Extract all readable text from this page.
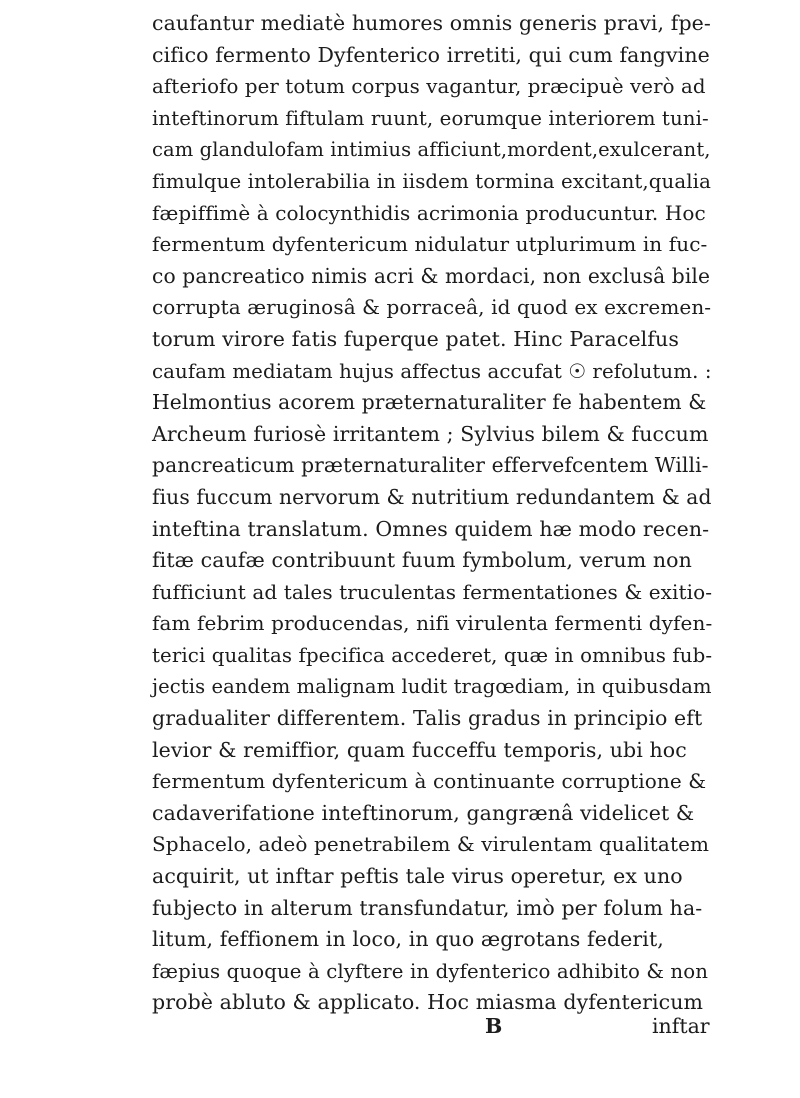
caufantur mediatè humores omnis generis pravi, fpe-
cifico fermento Dyfenterico irretiti, qui cum fangvine
afteriofo per totum corpus vagantur, præcipuè verò ad
inteftinorum fiftulam ruunt, eorumque interiorem tuni-
cam glandulofam intimius afficiunt,mordent,exulcerant,
fimulque intolerabilia in iisdem tormina excitant,qualia
fæpiffimè à colocynthidis acrimonia producuntur. Hoc
fermentum dyfentericum nidulatur utplurimum in fuc-
co pancreatico nimis acri & mordaci, non exclusâ bile
corrupta æruginosâ & porraceâ, id quod ex excremen-
torum virore fatis fuperque patet. Hinc Paracelfus
caufam mediatam hujus affectus accufat ☉ refolutum. :
Helmontius acorem præternaturaliter fe habentem &
Archeum furiosè irritantem ; Sylvius bilem & fuccum
pancreaticum præternaturaliter effervefcentem Willi-
fius fuccum nervorum & nutritium redundantem & ad
inteftina translatum. Omnes quidem hæ modo recen-
fitæ caufæ contribuunt fuum fymbolum, verum non
fufficiunt ad tales truculentas fermentationes & exitio-
fam febrim producendas, nifi virulenta fermenti dyfen-
terici qualitas fpecifica accederet, quæ in omnibus fub-
jectis eandem malignam ludit tragœdiam, in quibusdam
gradualiter differentem. Talis gradus in principio eft
levior & remiffior, quam fucceffu temporis, ubi hoc
fermentum dyfentericum à continuante corruptione &
cadaverifatione inteftinorum, gangrænâ videlicet &
Sphacelo, adeò penetrabilem & virulentam qualitatem
acquirit, ut inftar peftis tale virus operetur, ex uno
fubjecto in alterum transfundatur, imò per folum ha-
litum, feffionem in loco, in quo ægrotans federit,
fæpius quoque à clyftere in dyfenterico adhibito & non
probè abluto & applicato. Hoc miasma dyfentericum
B	inftar
